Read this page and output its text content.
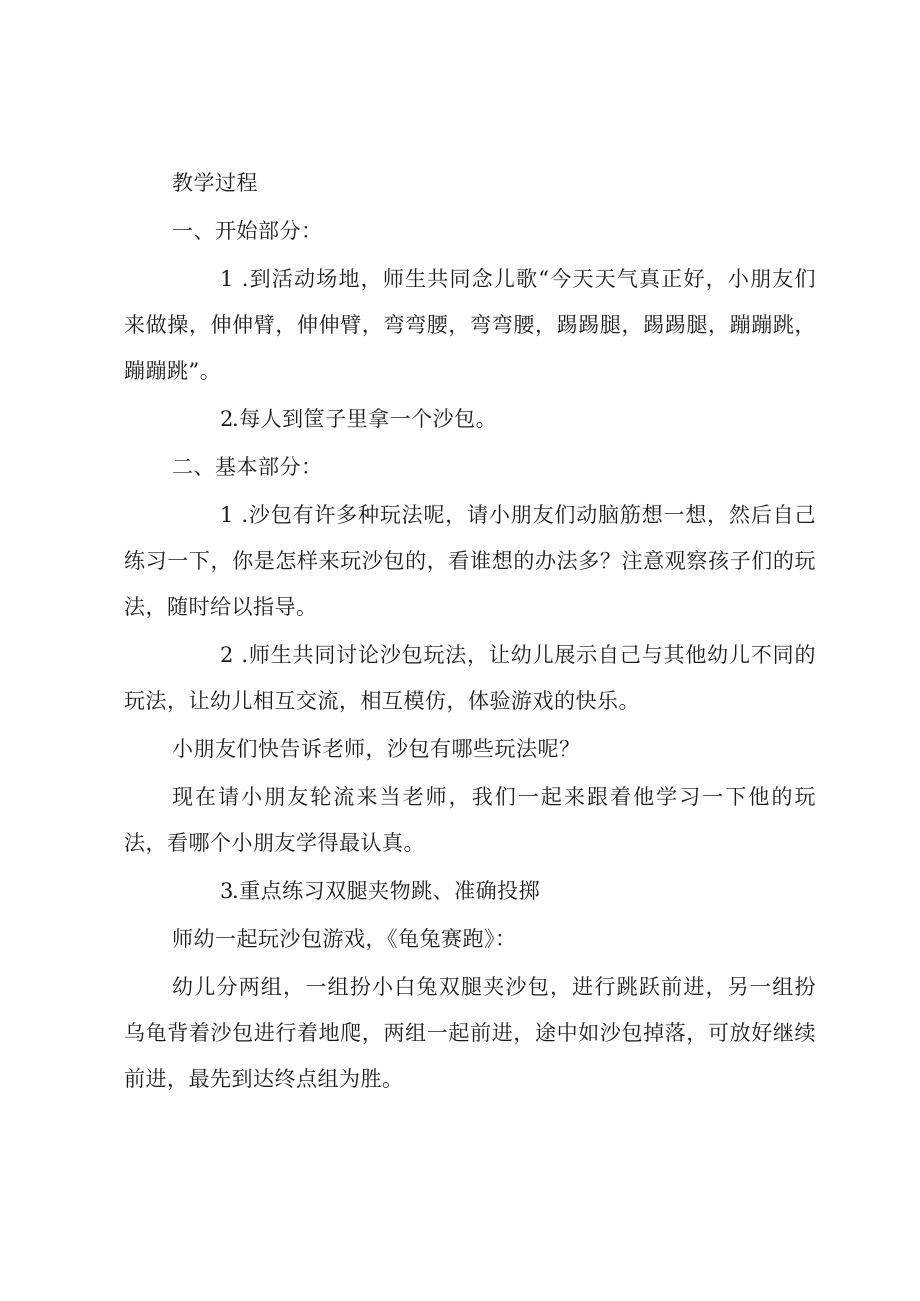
教学过程

一、开始部分：

1 .到活动场地，师生共同念儿歌“今天天气真正好，小朋友们来做操，伸伸臂，伸伸臂，弯弯腰，弯弯腰，踢踢腿，踢踢腿，蹦蹦跳，蹦蹦跳”。

2.每人到筐子里拿一个沙包。

二、基本部分：

1 .沙包有许多种玩法呢，请小朋友们动脑筋想一想，然后自己练习一下，你是怎样来玩沙包的，看谁想的办法多？注意观察孩子们的玩法，随时给以指导。

2 .师生共同讨论沙包玩法，让幼儿展示自己与其他幼儿不同的玩法，让幼儿相互交流，相互模仿，体验游戏的快乐。

小朋友们快告诉老师，沙包有哪些玩法呢？

现在请小朋友轮流来当老师，我们一起来跟着他学习一下他的玩法，看哪个小朋友学得最认真。

3.重点练习双腿夹物跳、准确投掷

师幼一起玩沙包游戏，《龟兔赛跑》：

幼儿分两组，一组扮小白兔双腿夹沙包，进行跳跃前进，另一组扮乌龟背着沙包进行着地爬，两组一起前进，途中如沙包掉落，可放好继续前进，最先到达终点组为胜。
